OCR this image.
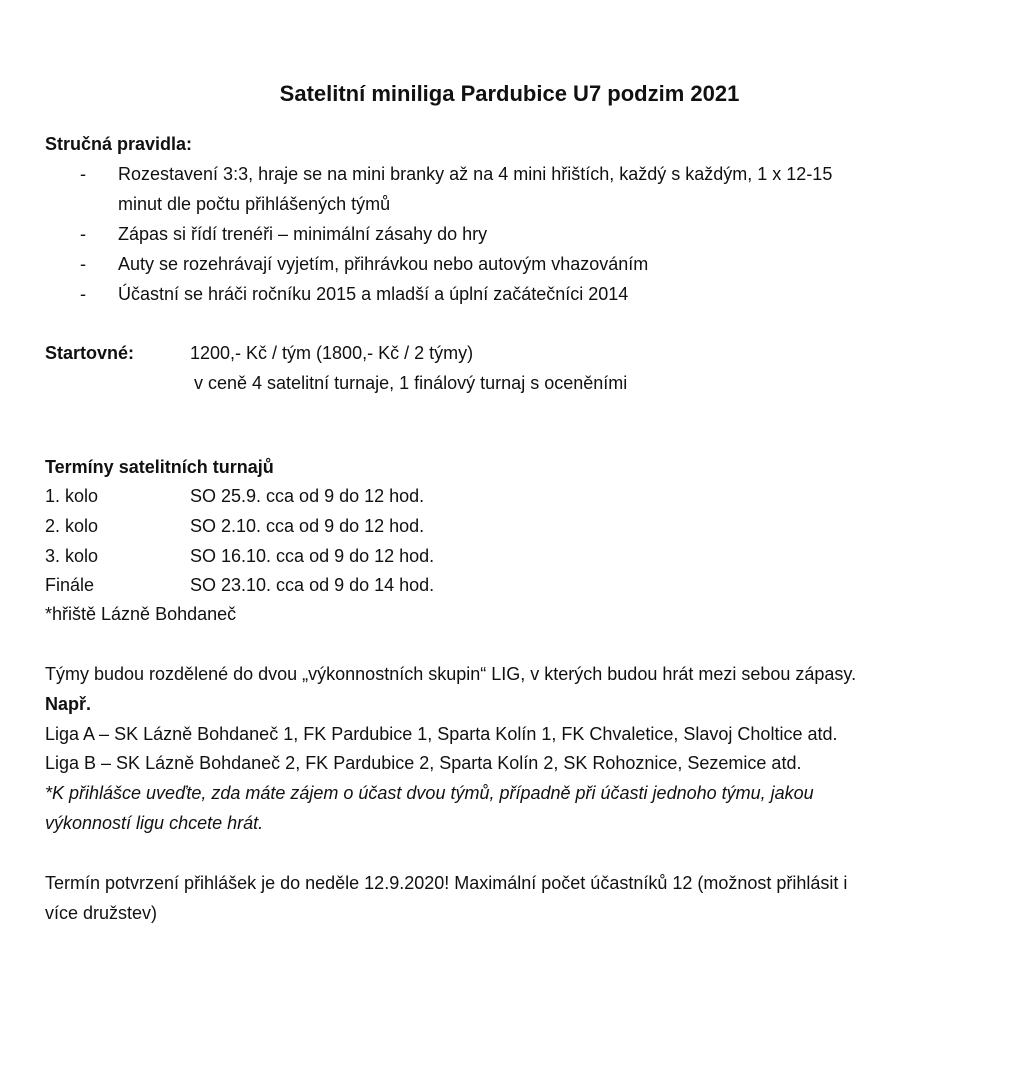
Satelitní miniliga Pardubice U7 podzim 2021
Stručná pravidla:
- Rozestavení 3:3, hraje se na mini branky až na 4 mini hřištích, každý s každým, 1 x 12-15
minut dle počtu přihlášených týmů
- Zápas si řídí trenéři – minimální zásahy do hry
- Auty se rozehrávají vyjetím, přihrávkou nebo autovým vhazováním
- Účastní se hráči ročníku 2015 a mladší a úplní začátečníci 2014
Startovné:	1200,- Kč / tým (1800,- Kč / 2 týmy)
v ceně 4 satelitní turnaje, 1 finálový turnaj s oceněními
Termíny satelitních turnajů
1. kolo	SO 25.9. cca od 9 do 12 hod.
2. kolo	SO 2.10. cca od 9 do 12 hod.
3. kolo	SO 16.10. cca od 9 do 12 hod.
Finále	SO 23.10. cca od 9 do 14 hod.
*hřiště Lázně Bohdaneč
Týmy budou rozdělené do dvou „výkonnostních skupin“ LIG, v kterých budou hrát mezi sebou zápasy.
Např.
Liga A – SK Lázně Bohdaneč 1, FK Pardubice 1, Sparta Kolín 1, FK Chvaletice, Slavoj Choltice atd.
Liga B – SK Lázně Bohdaneč 2, FK Pardubice 2, Sparta Kolín 2, SK Rohoznice, Sezemice atd.
*K přihlášce uveďte, zda máte zájem o účast dvou týmů, případně při účasti jednoho týmu, jakou
výkonností ligu chcete hrát.
Termín potvrzení přihlášek je do neděle 12.9.2020! Maximální počet účastníků 12 (možnost přihlásit i
více družstev)
